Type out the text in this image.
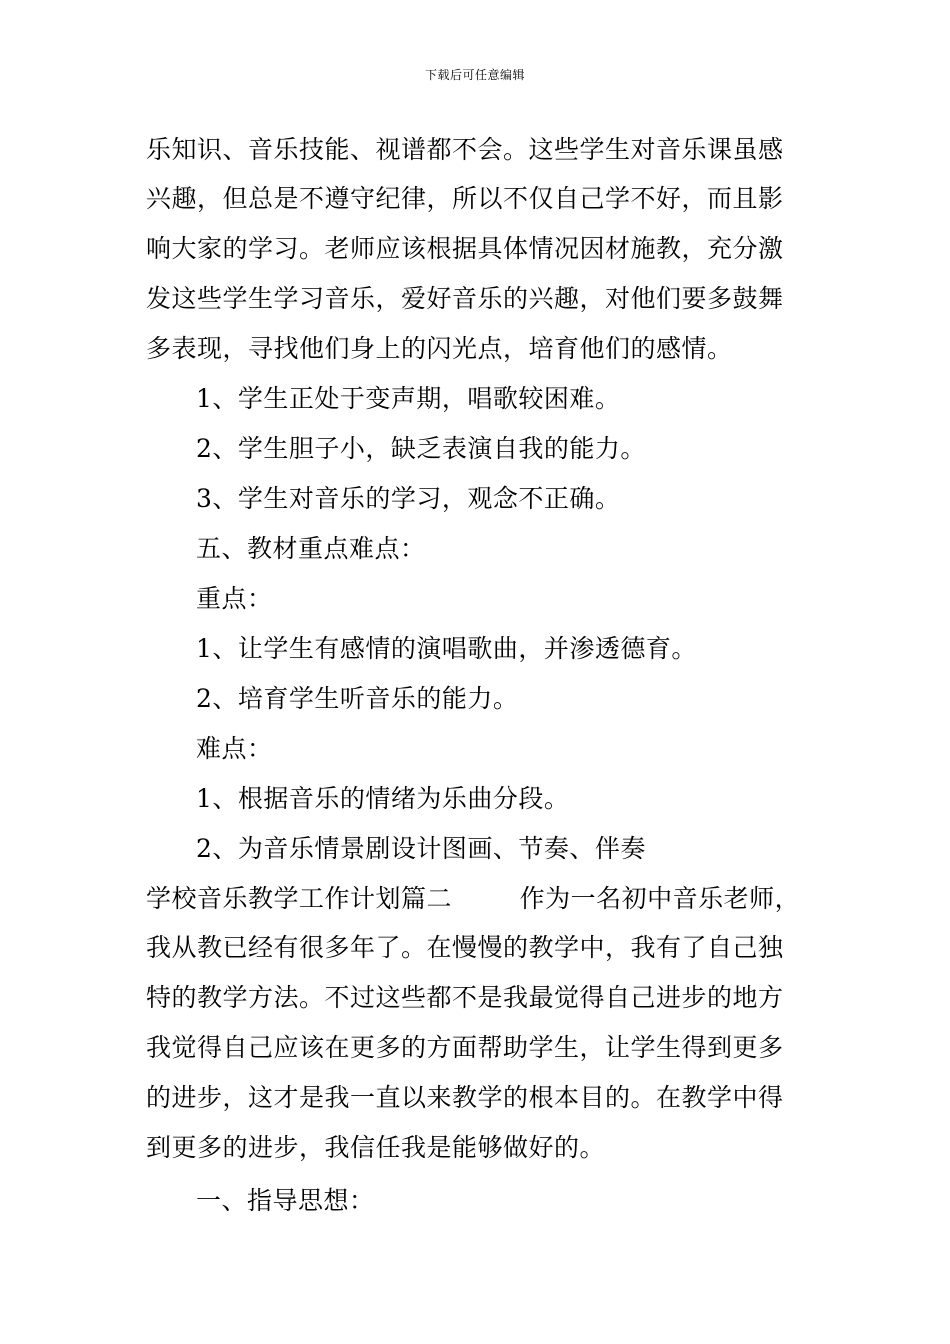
下载后可任意编辑
乐知识、音乐技能、视谱都不会。这些学生对音乐课虽感
兴趣，但总是不遵守纪律，所以不仅自己学不好，而且影
响大家的学习。老师应该根据具体情况因材施教，充分激
发这些学生学习音乐，爱好音乐的兴趣，对他们要多鼓舞
多表现，寻找他们身上的闪光点，培育他们的感情。
1、学生正处于变声期，唱歌较困难。
2、学生胆子小，缺乏表演自我的能力。
3、学生对音乐的学习，观念不正确。
五、教材重点难点：
重点：
1、让学生有感情的演唱歌曲，并渗透德育。
2、培育学生听音乐的能力。
难点：
1、根据音乐的情绪为乐曲分段。
2、为音乐情景剧设计图画、节奏、伴奏
学校音乐教学工作计划篇二        作为一名初中音乐老师，
我从教已经有很多年了。在慢慢的教学中，我有了自己独
特的教学方法。不过这些都不是我最觉得自己进步的地方
我觉得自己应该在更多的方面帮助学生，让学生得到更多
的进步，这才是我一直以来教学的根本目的。在教学中得
到更多的进步，我信任我是能够做好的。
一、指导思想：
